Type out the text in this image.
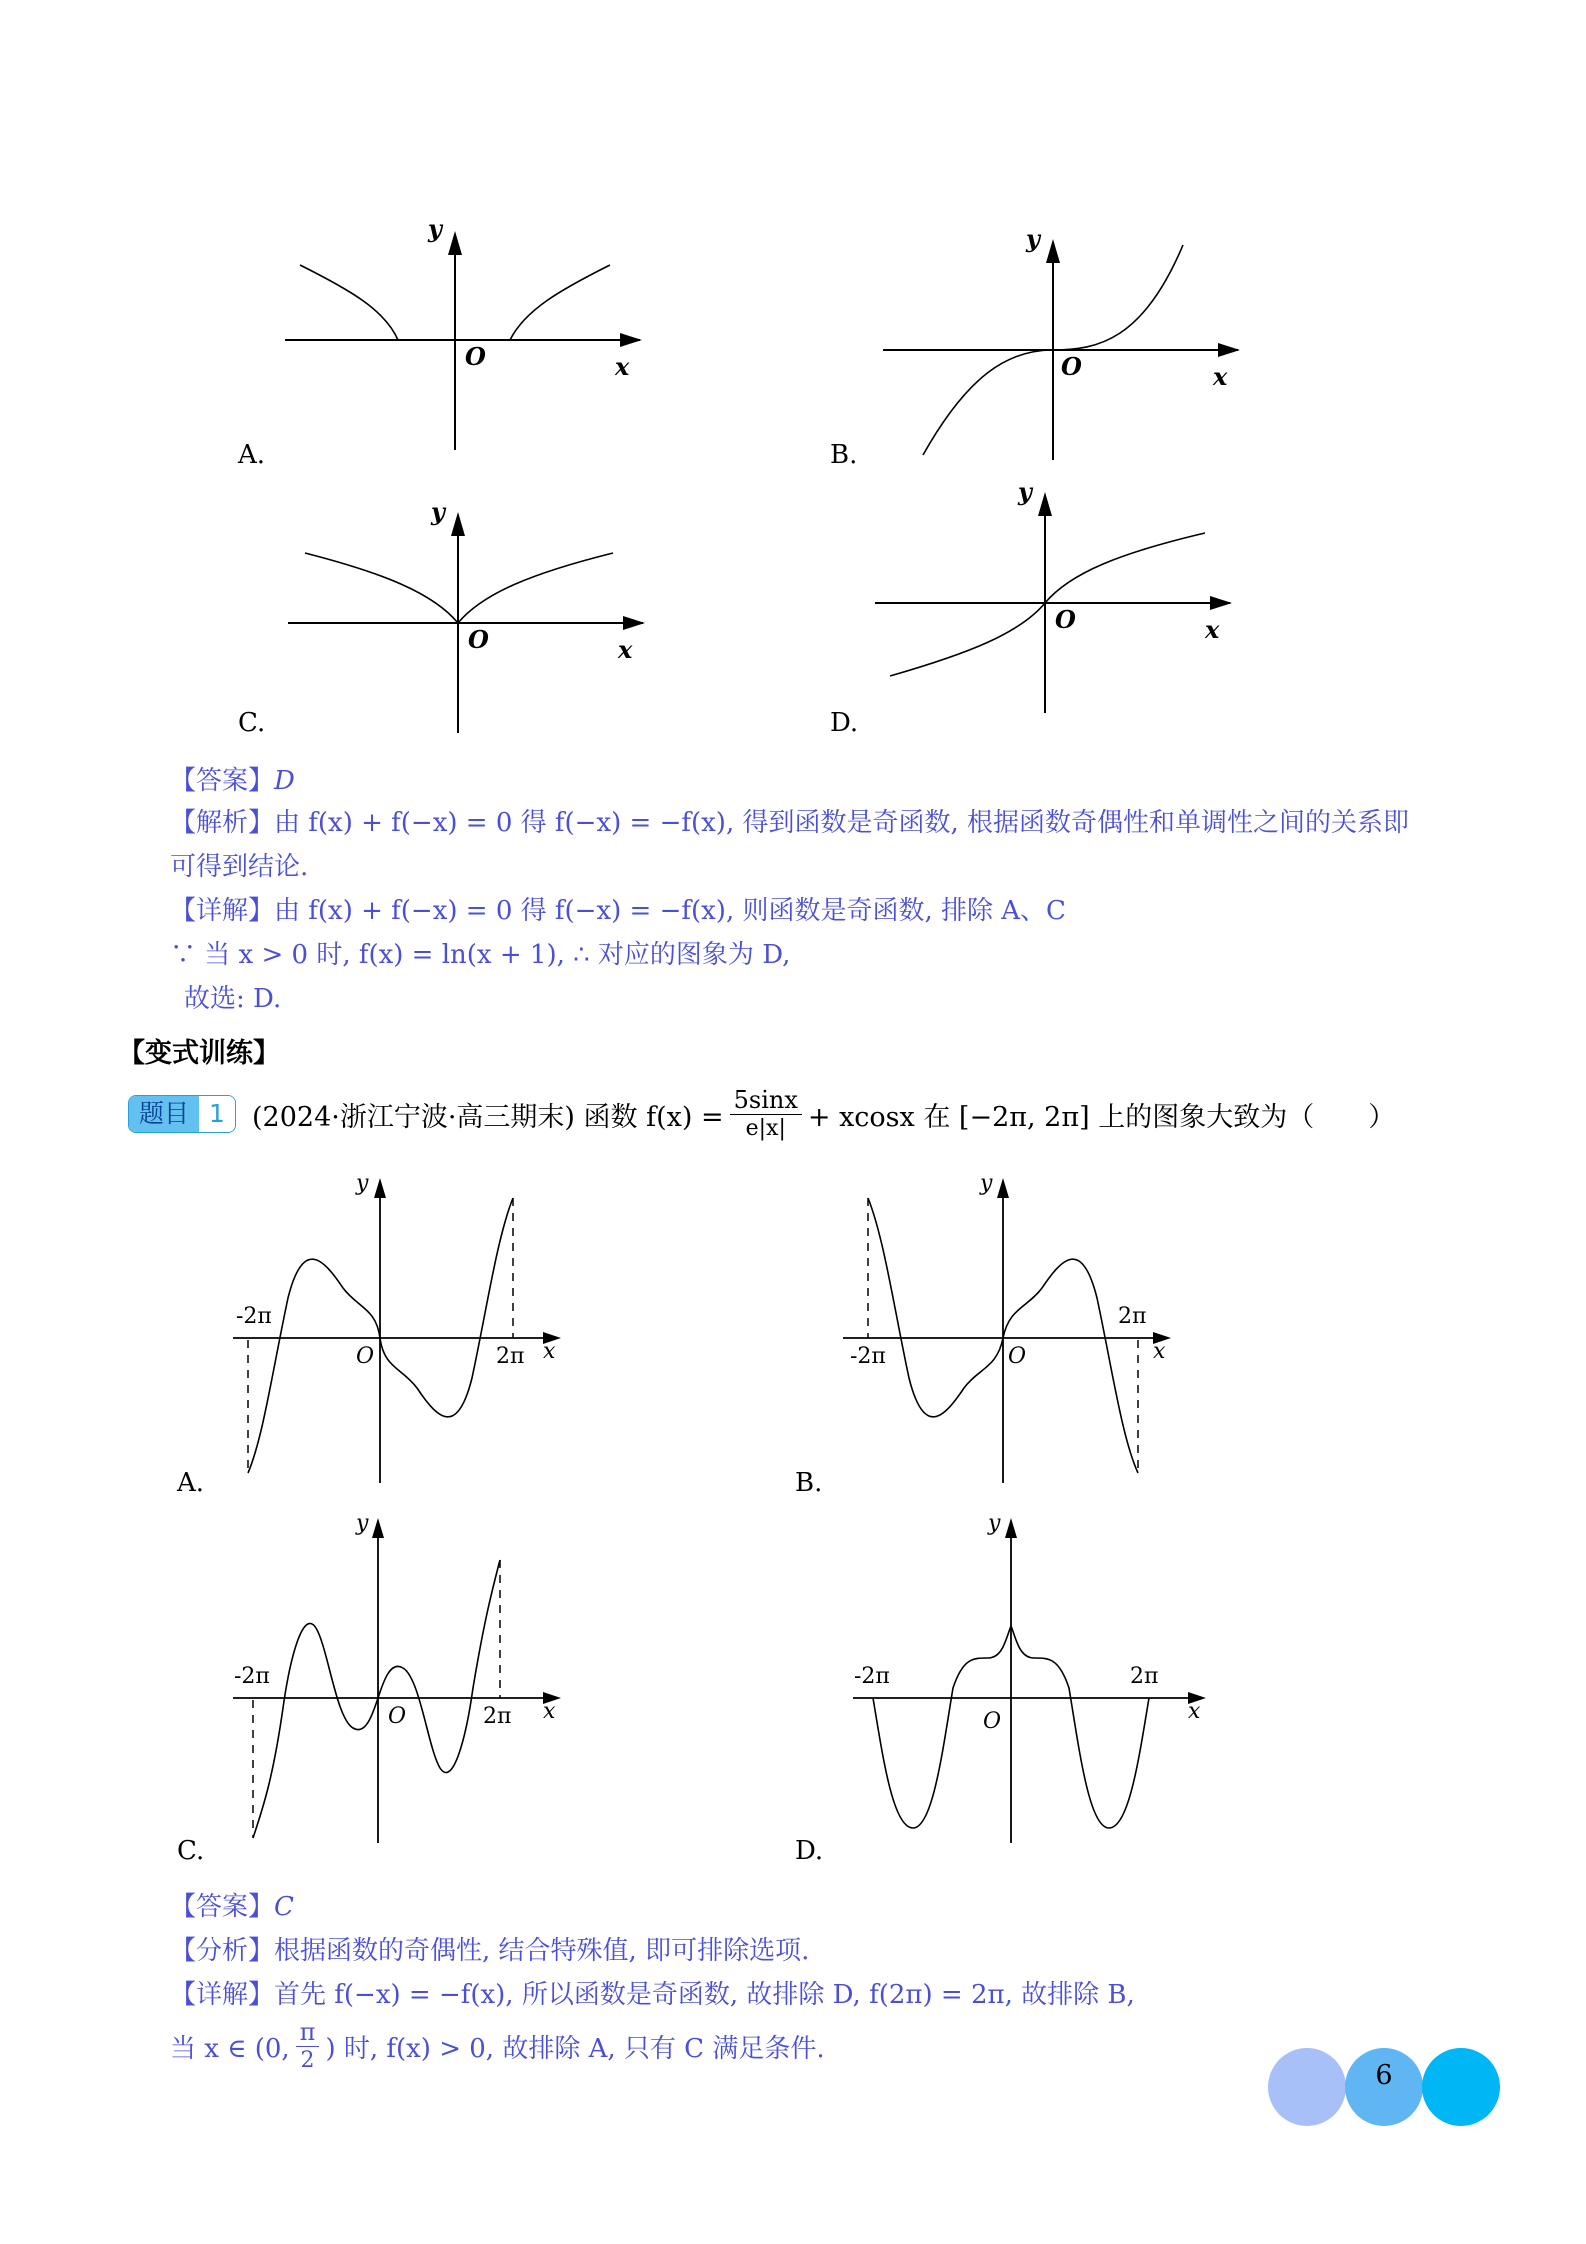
y
x
O
A.
y
x
O
B.
y
x
O
C.
y
x
O
D.
【答案】D
【解析】由 f(x) + f(−x) = 0 得 f(−x) = −f(x), 得到函数是奇函数, 根据函数奇偶性和单调性之间的关系即
可得到结论.
【详解】由 f(x) + f(−x) = 0 得 f(−x) = −f(x), 则函数是奇函数, 排除 A、C
∵ 当 x > 0 时, f(x) = ln(x + 1), ∴ 对应的图象为 D,
故选: D.
【变式训练】
题目 1	(2024·浙江宁波·高三期末) 函数 $f(x) = \frac{5\sin x}{e|x|} + xcosx$ 在 [−2π, 2π] 上的图象大致为（　　）
-2π
2π
y
x
O
A.
-2π
2π
y
x
O
B.
-2π
2π
y
x
O
C.
-2π	2π
y
x
O
D.
【答案】C
【分析】根据函数的奇偶性, 结合特殊值, 即可排除选项.
【详解】首先 f(−x) = −f(x), 所以函数是奇函数, 故排除 D, f(2π) = 2π, 故排除 B,
当 x ∈ (0, $\frac{\pi}{2}$ ) 时, f(x) > 0, 故排除 A, 只有 C 满足条件.
6
